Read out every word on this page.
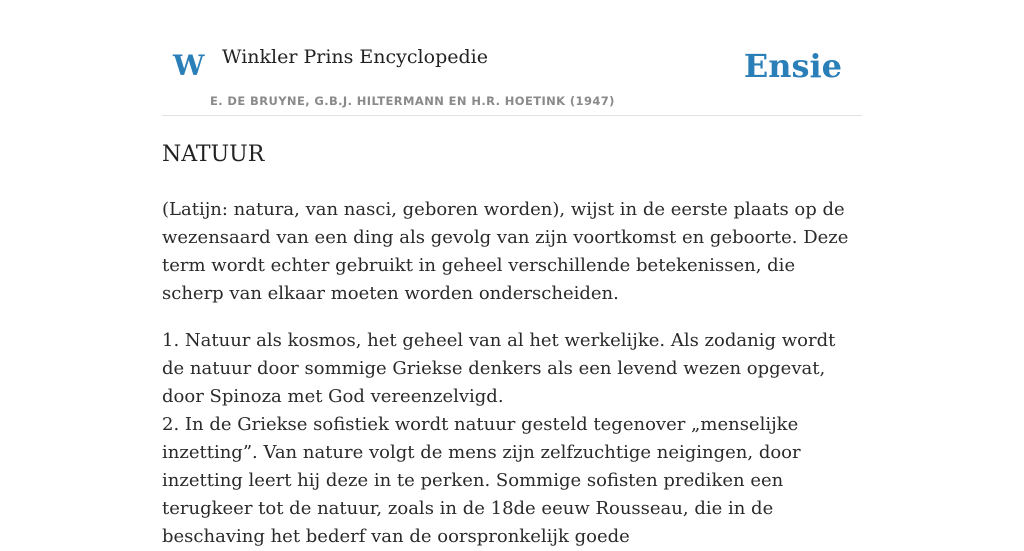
W Winkler Prins Encyclopedie
E. DE BRUYNE, G.B.J. HILTERMANN EN H.R. HOETINK (1947)
Ensie
NATUUR

(Latijn: natura, van nasci, geboren worden), wijst in de eerste plaats op de wezensaard van een ding als gevolg van zijn voortkomst en geboorte. Deze term wordt echter gebruikt in geheel verschillende betekenissen, die scherp van elkaar moeten worden onderscheiden.

1. Natuur als kosmos, het geheel van al het werkelijke. Als zodanig wordt de natuur door sommige Griekse denkers als een levend wezen opgevat, door Spinoza met God vereenzelvigd.

2. In de Griekse sofistiek wordt natuur gesteld tegenover „menselijke inzetting”. Van nature volgt de mens zijn zelfzuchtige neigingen, door inzetting leert hij deze in te perken. Sommige sofisten prediken een terugkeer tot de natuur, zoals in de 18de eeuw Rousseau, die in de beschaving het bederf van de oorspronkelijk goede
